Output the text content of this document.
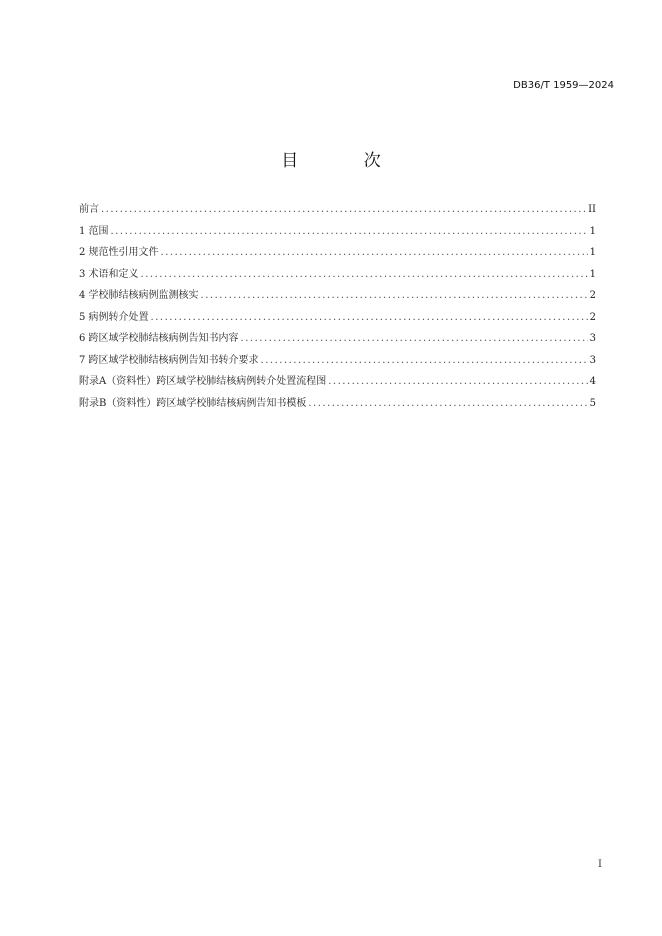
DB36/T 1959—2024
目 次
前言 .....	II
1 范围 .....	1
2 规范性引用文件 .....	1
3 术语和定义 .....	1
4 学校肺结核病例监测核实 .....	2
5 病例转介处置 .....	2
6 跨区域学校肺结核病例告知书内容 .....	3
7 跨区域学校肺结核病例告知书转介要求 .....	3
附录A（资料性）跨区域学校肺结核病例转介处置流程图 .....	4
附录B（资料性）跨区域学校肺结核病例告知书模板 .....	5
I
